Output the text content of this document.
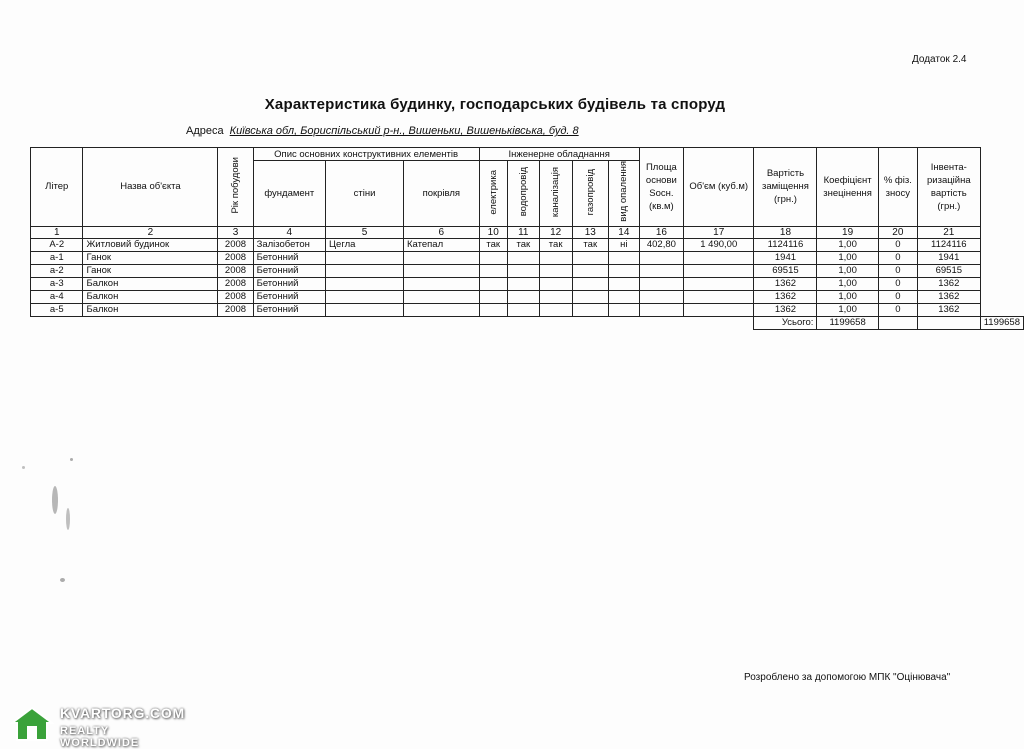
Додаток 2.4
Характеристика будинку, господарських будівель та споруд
Адреса Київська обл, Бориспільський р-н., Вишеньки, Вишеньківська, буд. 8
Літер	Назва об'єкта	Рік побудови	Опис основних конструктивних елементів			Інженерне обладнання					Площа основи Sосн. (кв.м)	Об'єм (куб.м)	Вартість заміщення (грн.)	Коефіцієнт знецінення	% фіз. зносу	Інвента- ризаційна вартість (грн.)	
			фундамент	стіни	покрівля	електрика	водопровід	каналізація	газопровід	вид опалення							
1	2	3	4	5	6	10	11	12	13	14	16	17	18	19	20	21	
А-2	Житловий будинок	2008	Залізобетон	Цегла	Катепал	так	так	так	так	ні	402,80	1 490,00	1124116	1,00	0	1124116	
а-1	Ганок	2008	Бетонний										1941	1,00	0	1941	
а-2	Ганок	2008	Бетонний										69515	1,00	0	69515	
а-3	Балкон	2008	Бетонний										1362	1,00	0	1362	
а-4	Балкон	2008	Бетонний										1362	1,00	0	1362	
а-5	Балкон	2008	Бетонний										1362	1,00	0	1362	
													Усього:	1199658			1199658
Розроблено за допомогою МПК "Оцінювача"
KVARTORG.COM
REALTY WORLDWIDE
